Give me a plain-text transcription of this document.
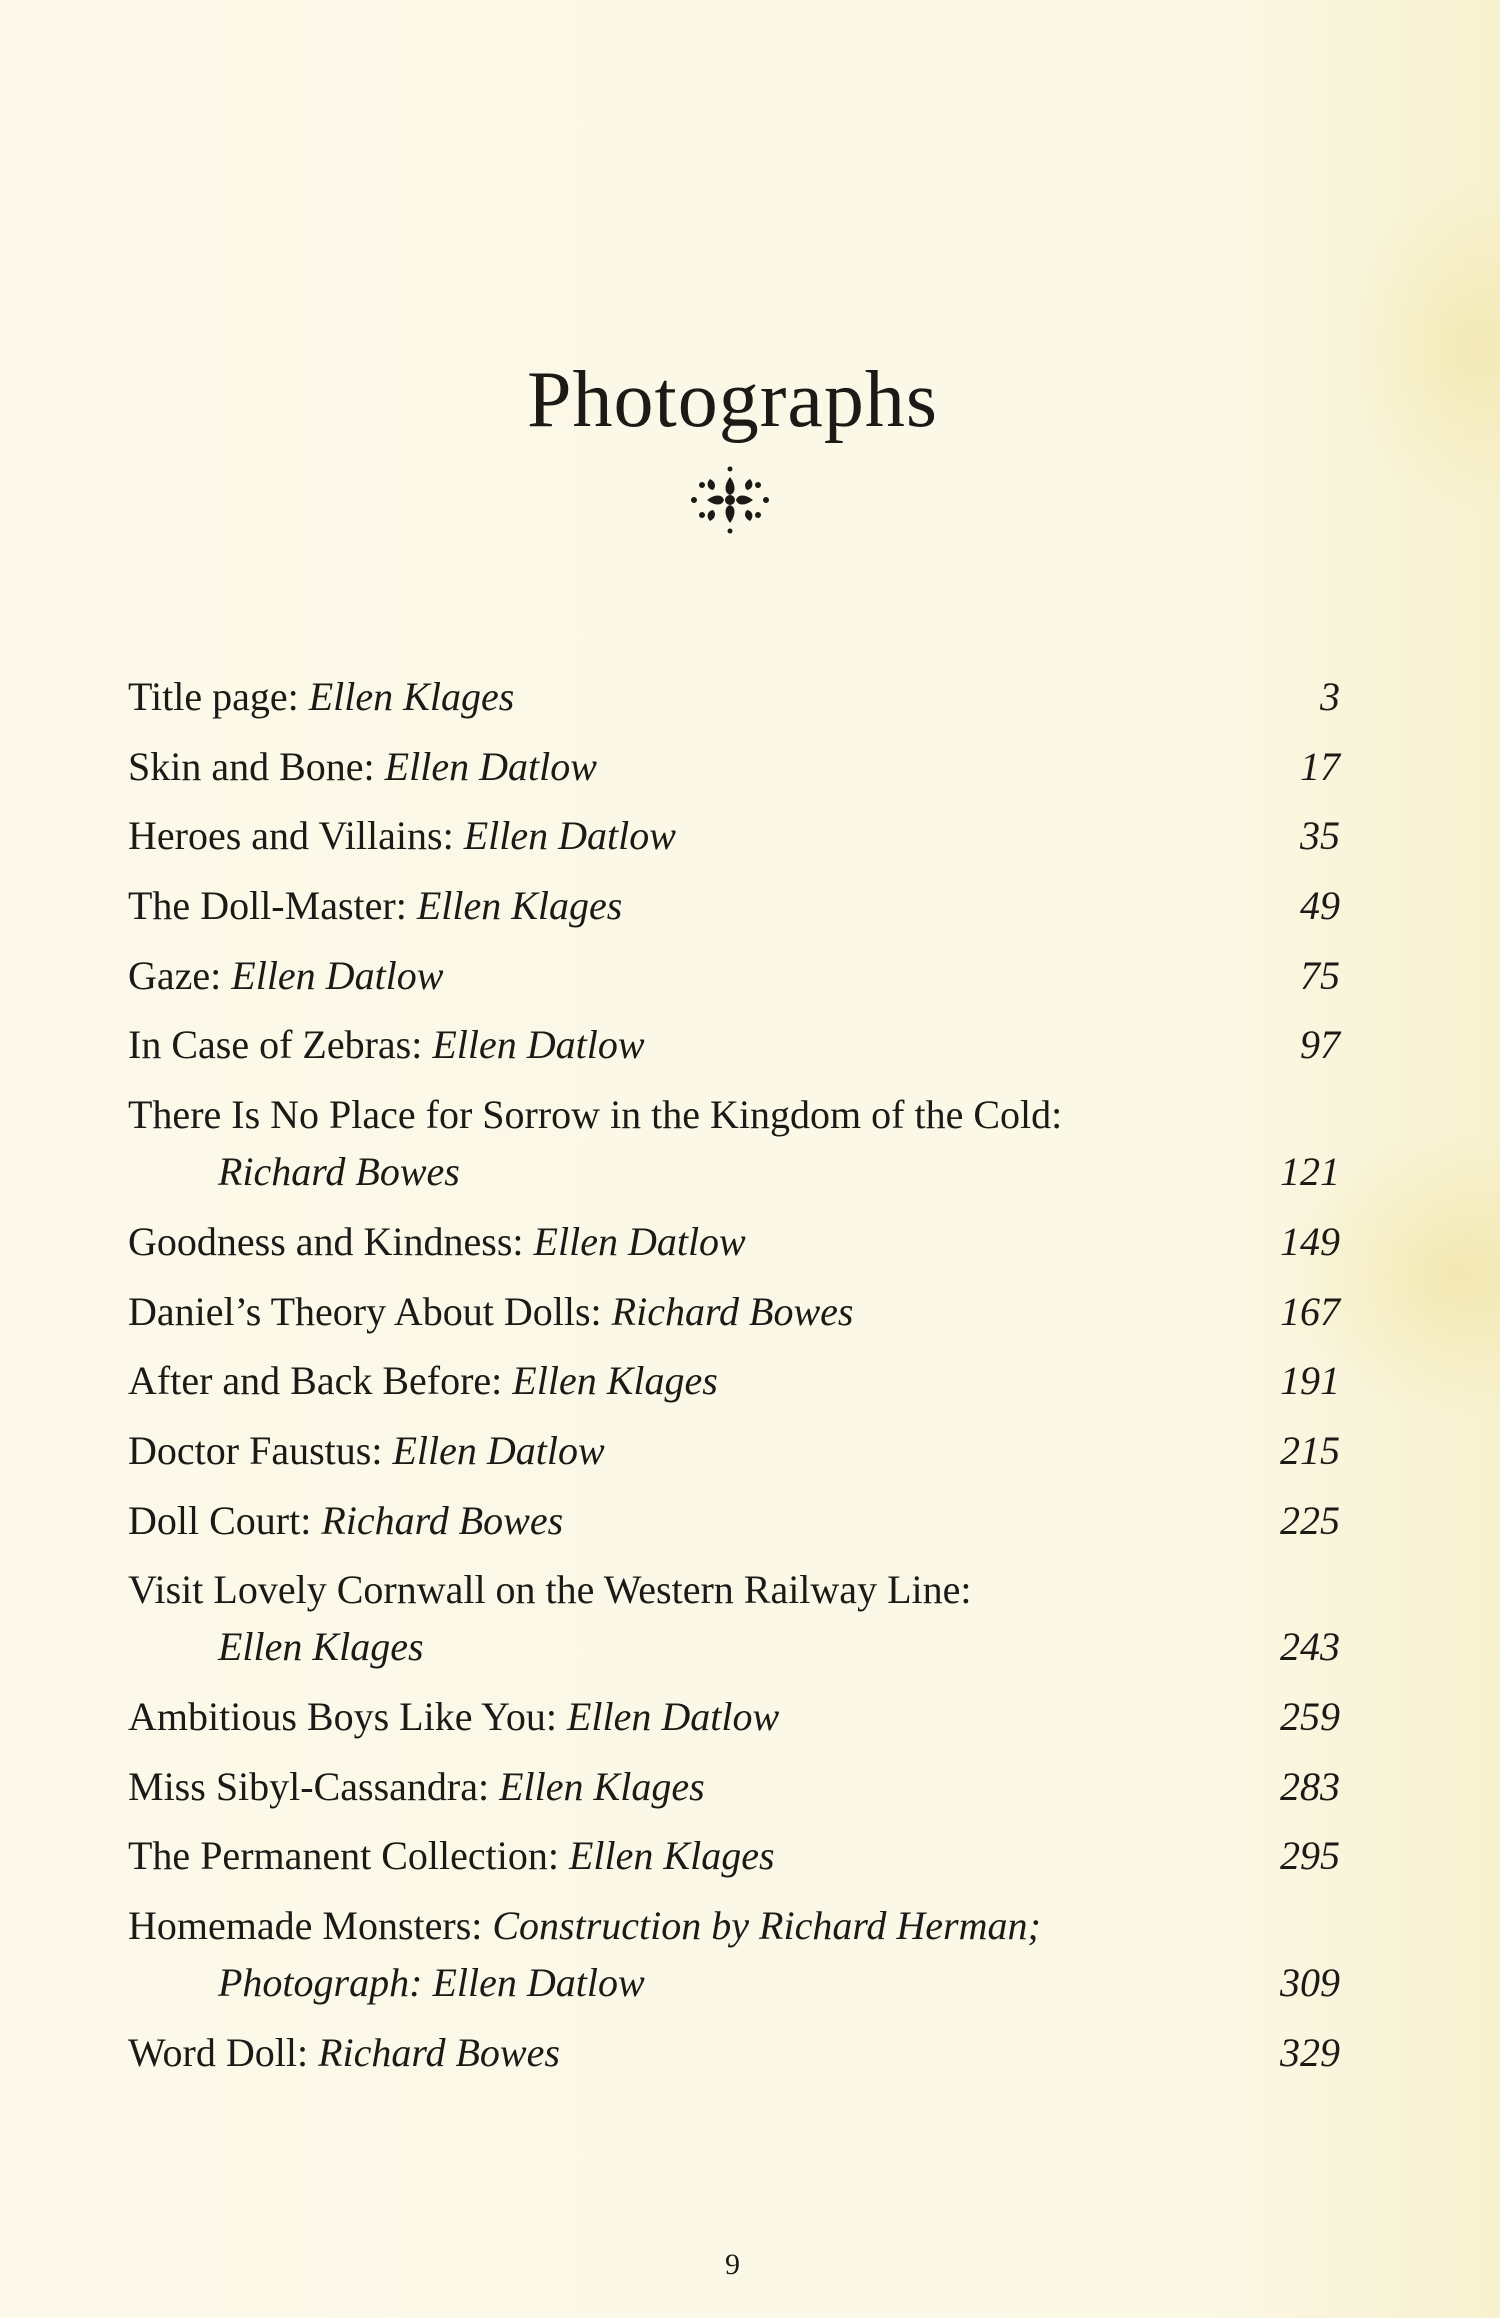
Photographs
Title page: Ellen Klages	3
Skin and Bone: Ellen Datlow	17
Heroes and Villains: Ellen Datlow	35
The Doll-Master: Ellen Klages	49
Gaze: Ellen Datlow	75
In Case of Zebras: Ellen Datlow	97
There Is No Place for Sorrow in the Kingdom of the Cold:
Richard Bowes	121
Goodness and Kindness: Ellen Datlow	149
Daniel’s Theory About Dolls: Richard Bowes	167
After and Back Before: Ellen Klages	191
Doctor Faustus: Ellen Datlow	215
Doll Court: Richard Bowes	225
Visit Lovely Cornwall on the Western Railway Line:
Ellen Klages	243
Ambitious Boys Like You: Ellen Datlow	259
Miss Sibyl-Cassandra: Ellen Klages	283
The Permanent Collection: Ellen Klages	295
Homemade Monsters: Construction by Richard Herman;
Photograph: Ellen Datlow	309
Word Doll: Richard Bowes	329
9
